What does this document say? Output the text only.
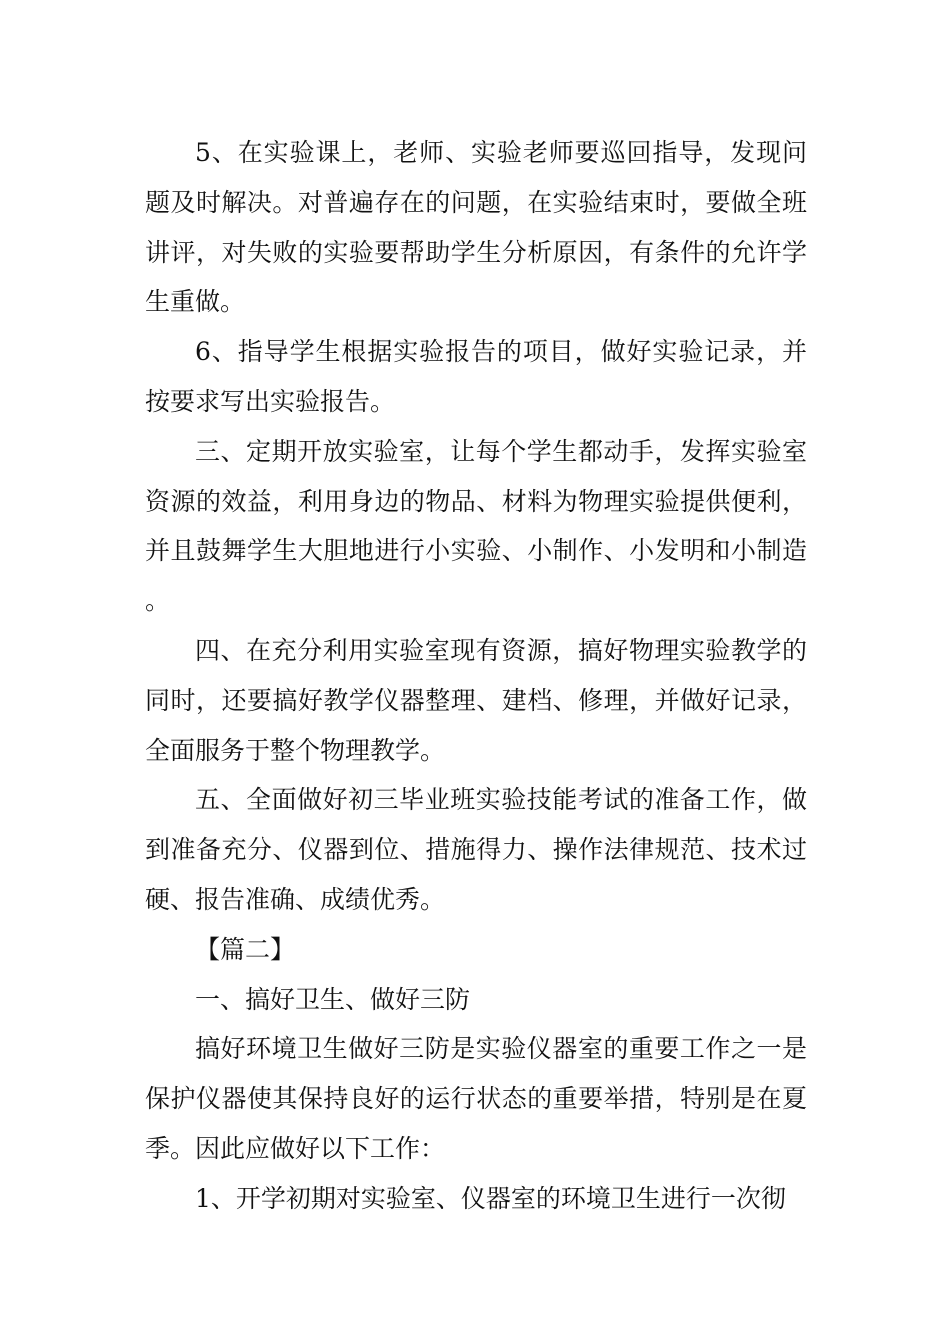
5、在实验课上，老师、实验老师要巡回指导，发现问题及时解决。对普遍存在的问题，在实验结束时，要做全班讲评，对失败的实验要帮助学生分析原因，有条件的允许学生重做。

6、指导学生根据实验报告的项目，做好实验记录，并按要求写出实验报告。

三、定期开放实验室，让每个学生都动手，发挥实验室资源的效益，利用身边的物品、材料为物理实验提供便利，并且鼓舞学生大胆地进行小实验、小制作、小发明和小制造。

四、在充分利用实验室现有资源，搞好物理实验教学的同时，还要搞好教学仪器整理、建档、修理，并做好记录，全面服务于整个物理教学。

五、全面做好初三毕业班实验技能考试的准备工作，做到准备充分、仪器到位、措施得力、操作法律规范、技术过硬、报告准确、成绩优秀。

【篇二】

一、搞好卫生、做好三防

搞好环境卫生做好三防是实验仪器室的重要工作之一是保护仪器使其保持良好的运行状态的重要举措，特别是在夏季。因此应做好以下工作：

1、开学初期对实验室、仪器室的环境卫生进行一次彻
